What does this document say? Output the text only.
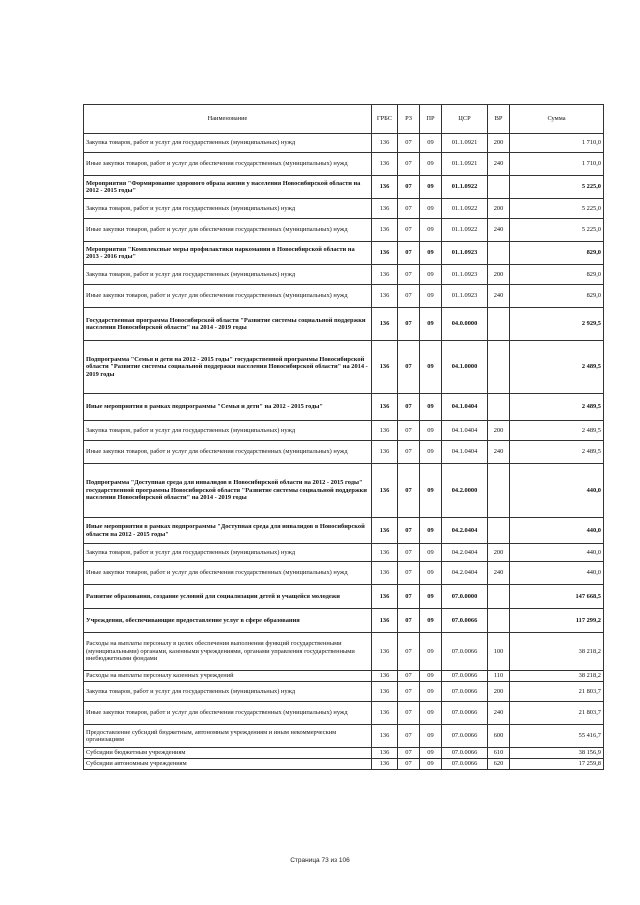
Наименование	ГРБС	РЗ	ПР	ЦСР	ВР	Сумма
Закупка товаров, работ и услуг для государственных (муниципальных) нужд	136	07	09	01.1.0921	200	1 710,0
Иные закупки товаров, работ и услуг для обеспечения государственных (муниципальных) нужд	136	07	09	01.1.0921	240	1 710,0
Мероприятия "Формирование здорового образа жизни у населения Новосибирской области на 2012 - 2015 годы"	136	07	09	01.1.0922		5 225,0
Закупка товаров, работ и услуг для государственных (муниципальных) нужд	136	07	09	01.1.0922	200	5 225,0
Иные закупки товаров, работ и услуг для обеспечения государственных (муниципальных) нужд	136	07	09	01.1.0922	240	5 225,0
Мероприятия "Комплексные меры профилактики наркомании в Новосибирской области на 2013 - 2016 годы"	136	07	09	01.1.0923		829,0
Закупка товаров, работ и услуг для государственных (муниципальных) нужд	136	07	09	01.1.0923	200	829,0
Иные закупки товаров, работ и услуг для обеспечения государственных (муниципальных) нужд	136	07	09	01.1.0923	240	829,0
Государственная программа Новосибирской области "Развитие системы социальной поддержки населения Новосибирской области" на 2014 - 2019 годы	136	07	09	04.0.0000		2 929,5
Подпрограмма "Семья и дети на 2012 - 2015 годы" государственной программы Новосибирской области "Развитие системы социальной поддержки населения Новосибирской области" на 2014 - 2019 годы	136	07	09	04.1.0000		2 489,5
Иные мероприятия в рамках подпрограммы "Семья и дети" на 2012 - 2015 годы"	136	07	09	04.1.0404		2 489,5
Закупка товаров, работ и услуг для государственных (муниципальных) нужд	136	07	09	04.1.0404	200	2 489,5
Иные закупки товаров, работ и услуг для обеспечения государственных (муниципальных) нужд	136	07	09	04.1.0404	240	2 489,5
Подпрограмма "Доступная среда для инвалидов в Новосибирской области на 2012 - 2015 годы" государственной программы Новосибирской области "Развитие системы социальной поддержки населения Новосибирской области" на 2014 - 2019 годы	136	07	09	04.2.0000		440,0
Иные мероприятия в рамках подпрограммы "Доступная среда для инвалидов в Новосибирской области на 2012 - 2015 годы"	136	07	09	04.2.0404		440,0
Закупка товаров, работ и услуг для государственных (муниципальных) нужд	136	07	09	04.2.0404	200	440,0
Иные закупки товаров, работ и услуг для обеспечения государственных (муниципальных) нужд	136	07	09	04.2.0404	240	440,0
Развитие образования, создание условий для социализации детей и учащейся молодежи	136	07	09	07.0.0000		147 668,5
Учреждения, обеспечивающие предоставление услуг в сфере образования	136	07	09	07.0.0066		117 299,2
Расходы на выплаты персоналу в целях обеспечения выполнения функций государственными (муниципальными) органами, казенными учреждениями, органами управления государственными внебюджетными фондами	136	07	09	07.0.0066	100	38 218,2
Расходы на выплаты персоналу казенных учреждений	136	07	09	07.0.0066	110	38 218,2
Закупка товаров, работ и услуг для государственных (муниципальных) нужд	136	07	09	07.0.0066	200	21 803,7
Иные закупки товаров, работ и услуг для обеспечения государственных (муниципальных) нужд	136	07	09	07.0.0066	240	21 803,7
Предоставление субсидий бюджетным, автономным учреждениям и иным некоммерческим организациям	136	07	09	07.0.0066	600	55 416,7
Субсидии бюджетным учреждениям	136	07	09	07.0.0066	610	38 156,9
Субсидии автономным учреждениям	136	07	09	07.0.0066	620	17 259,8
Страница 73 из 106
